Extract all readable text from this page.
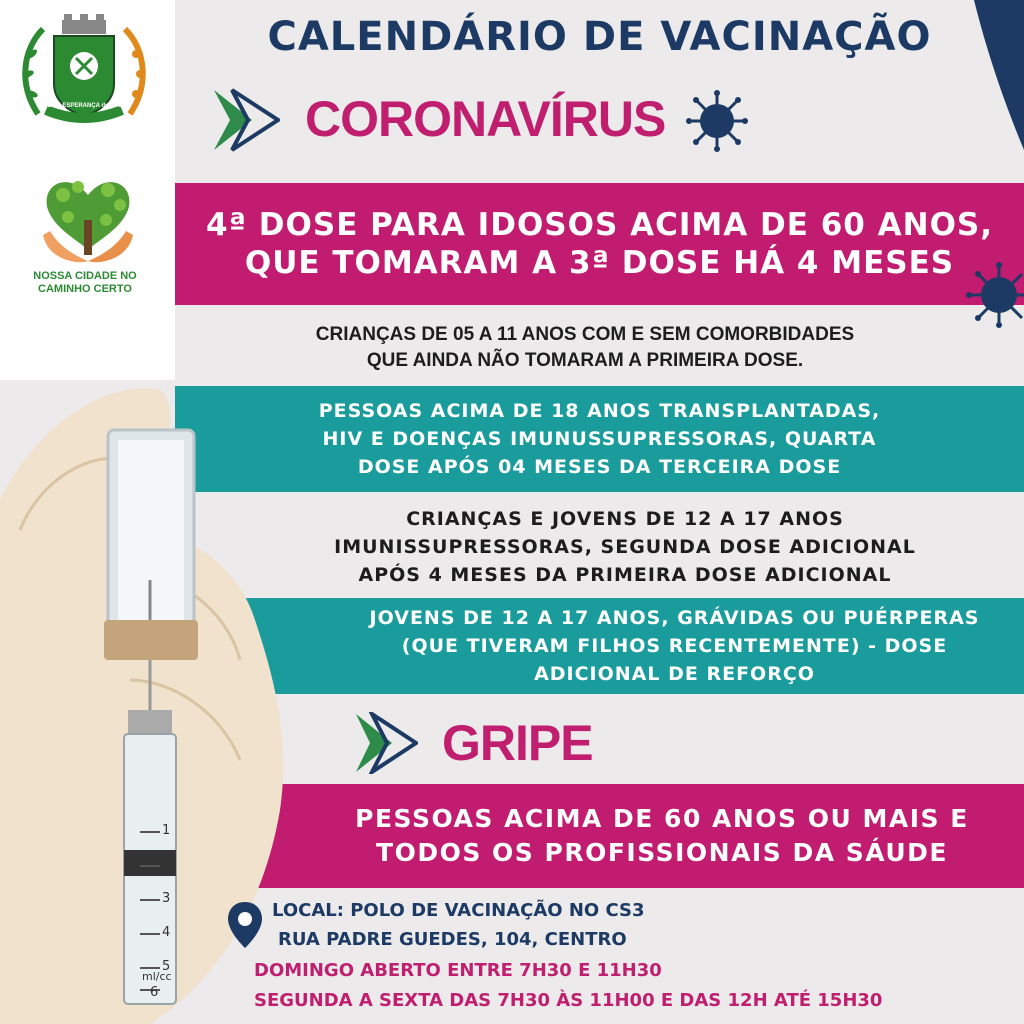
BOA ESPERANÇA do SUL
NOSSA CIDADE NO
CAMINHO CERTO
CALENDÁRIO DE VACINAÇÃO
CORONAVÍRUS
4ª DOSE PARA IDOSOS ACIMA DE 60 ANOS,
QUE TOMARAM A 3ª DOSE HÁ 4 MESES
CRIANÇAS DE 05 A 11 ANOS COM E SEM COMORBIDADES
QUE AINDA NÃO TOMARAM A PRIMEIRA DOSE.
PESSOAS ACIMA DE 18 ANOS TRANSPLANTADAS,
HIV E DOENÇAS IMUNUSSUPRESSORAS, QUARTA
DOSE APÓS 04 MESES DA TERCEIRA DOSE
CRIANÇAS E JOVENS DE 12 A 17 ANOS
IMUNISSUPRESSORAS, SEGUNDA DOSE ADICIONAL
APÓS 4 MESES DA PRIMEIRA DOSE ADICIONAL
JOVENS DE 12 A 17 ANOS, GRÁVIDAS OU PUÉRPERAS
(QUE TIVERAM FILHOS RECENTEMENTE) - DOSE
ADICIONAL DE REFORÇO
GRIPE
PESSOAS ACIMA DE 60 ANOS OU MAIS E
TODOS OS PROFISSIONAIS DA SÁUDE
1
2
3
4
5
ml/cc
6
LOCAL: POLO DE VACINAÇÃO NO CS3
RUA PADRE GUEDES, 104, CENTRO
DOMINGO ABERTO ENTRE 7H30 E 11H30
SEGUNDA A SEXTA DAS 7H30 ÀS 11H00 E DAS 12H ATÉ 15H30
